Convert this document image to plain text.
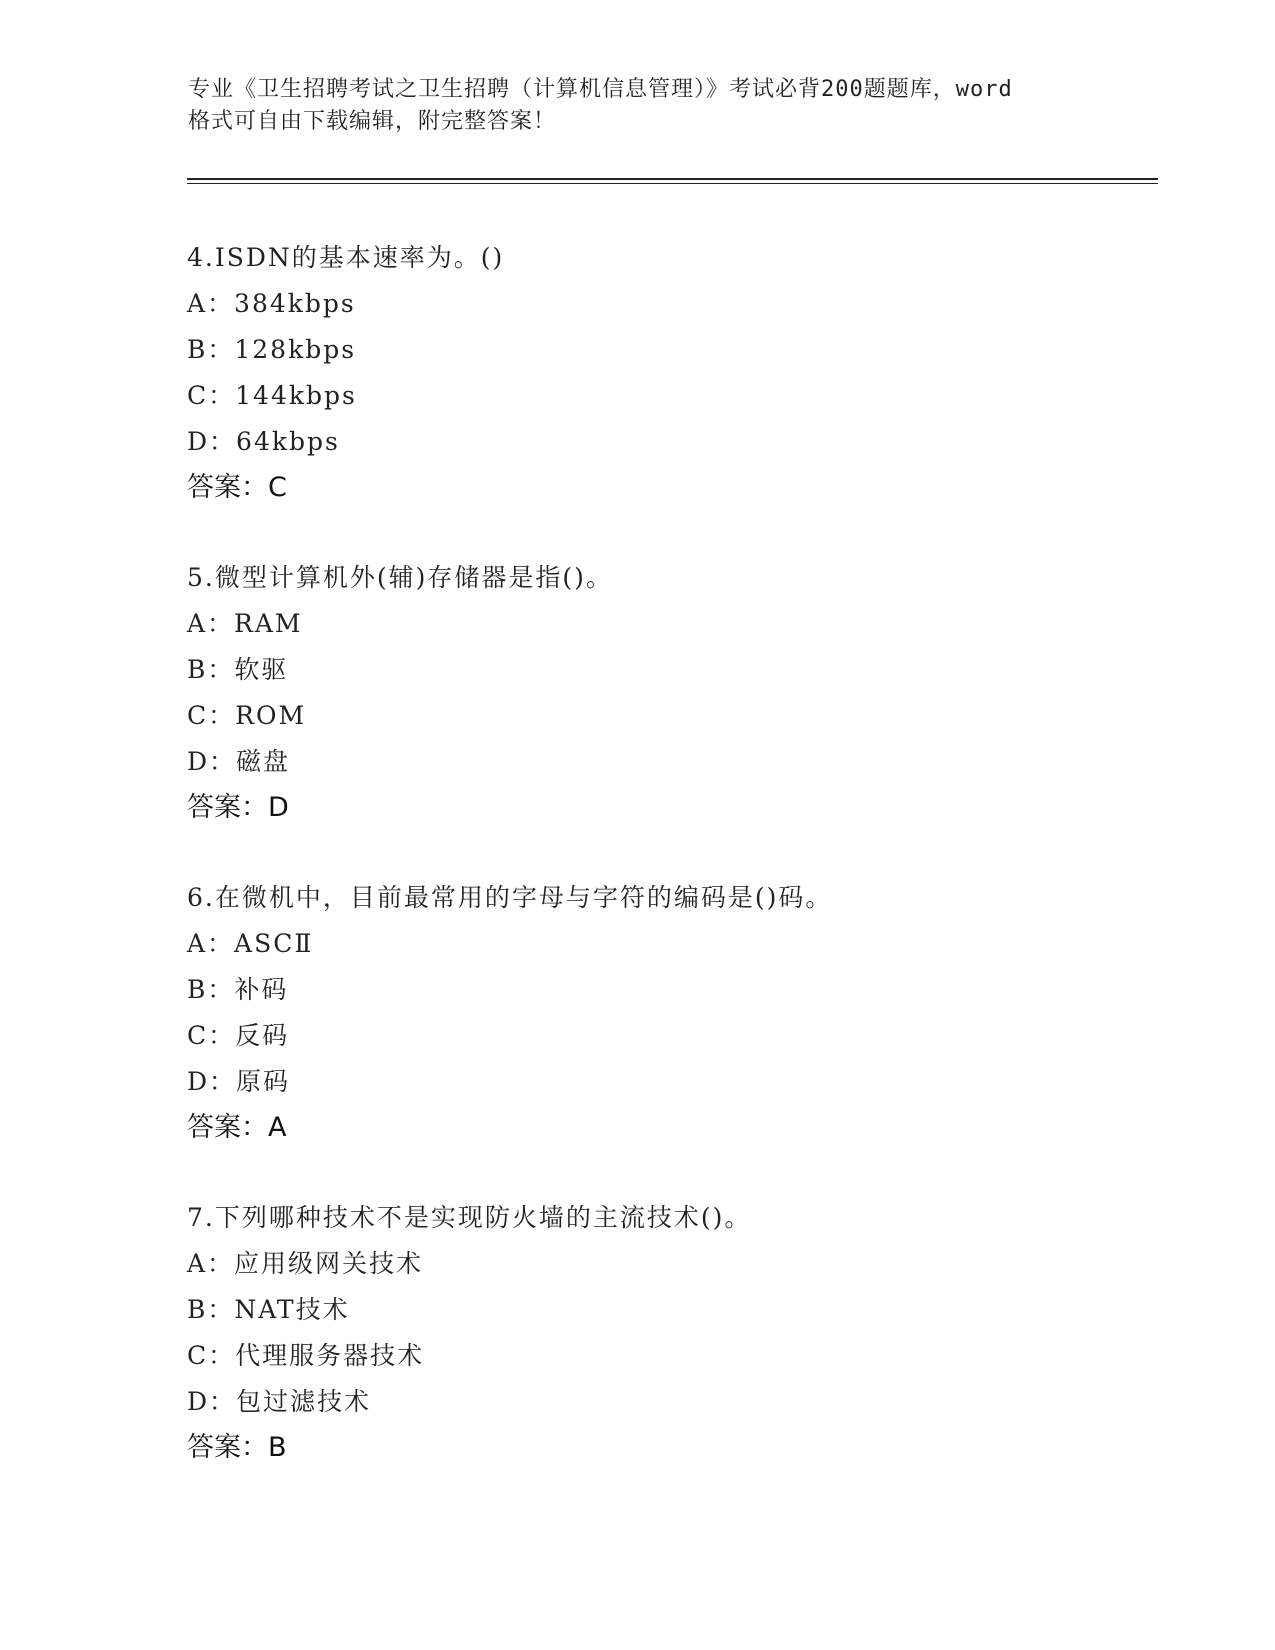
专业《卫生招聘考试之卫生招聘（计算机信息管理）》考试必背200题题库，word
格式可自由下载编辑，附完整答案！
4.ISDN的基本速率为。()
A：384kbps
B：128kbps
C：144kbps
D：64kbps
答案：C
5.微型计算机外(辅)存储器是指()。
A：RAM
B：软驱
C：ROM
D：磁盘
答案：D
6.在微机中，目前最常用的字母与字符的编码是()码。
A：ASCⅡ
B：补码
C：反码
D：原码
答案：A
7.下列哪种技术不是实现防火墙的主流技术()。
A：应用级网关技术
B：NAT技术
C：代理服务器技术
D：包过滤技术
答案：B
